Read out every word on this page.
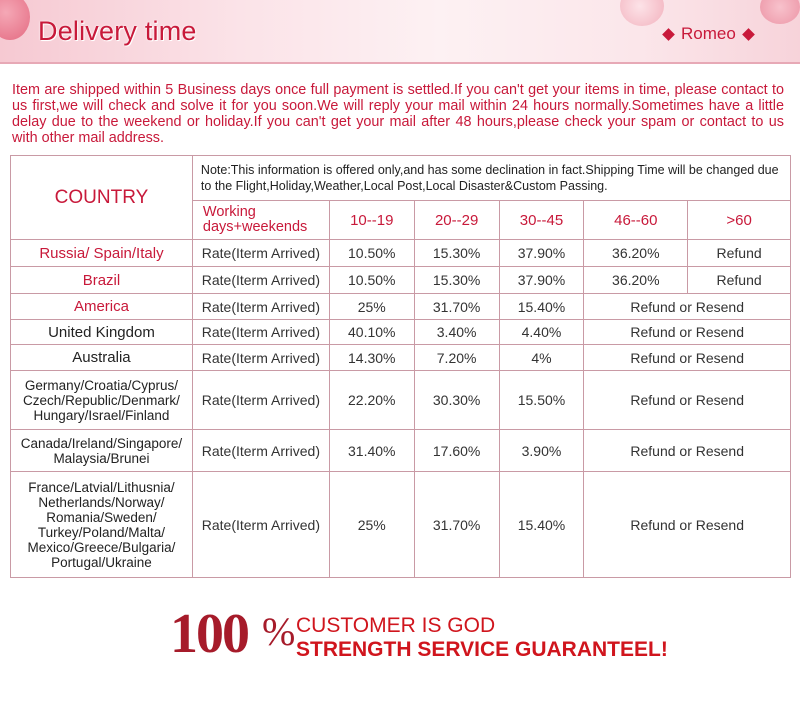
Delivery time	Romeo
Item are shipped within 5 Business days once full payment is settled.If you can't get your items in time, please contact to us first,we will check and solve it for you soon.We will reply your mail within 24 hours normally.Sometimes have a little delay due to the weekend or holiday.If you can't get your mail after 48 hours,please check your spam or contact to us with other mail address.
COUNTRY	Note:This information is offered only,and has some declination in fact.Shipping Time will be changed due to the Flight,Holiday,Weather,Local Post,Local Disaster&Custom Passing.					
	Working days+weekends	10--19	20--29	30--45	46--60	>60
Russia/ Spain/Italy	Rate(Iterm Arrived)	10.50%	15.30%	37.90%	36.20%	Refund
Brazil	Rate(Iterm Arrived)	10.50%	15.30%	37.90%	36.20%	Refund
America	Rate(Iterm Arrived)	25%	31.70%	15.40%	Refund or Resend	
United Kingdom	Rate(Iterm Arrived)	40.10%	3.40%	4.40%	Refund or Resend	
Australia	Rate(Iterm Arrived)	14.30%	7.20%	4%	Refund or Resend	
Germany/Croatia/Cyprus/ Czech/Republic/Denmark/ Hungary/Israel/Finland	Rate(Iterm Arrived)	22.20%	30.30%	15.50%	Refund or Resend	
Canada/Ireland/Singapore/ Malaysia/Brunei	Rate(Iterm Arrived)	31.40%	17.60%	3.90%	Refund or Resend	
France/Latvial/Lithusnia/ Netherlands/Norway/ Romania/Sweden/ Turkey/Poland/Malta/ Mexico/Greece/Bulgaria/ Portugal/Ukraine	Rate(Iterm Arrived)	25%	31.70%	15.40%	Refund or Resend	
100 % CUSTOMER IS GOD
STRENGTH SERVICE GUARANTEEL!
